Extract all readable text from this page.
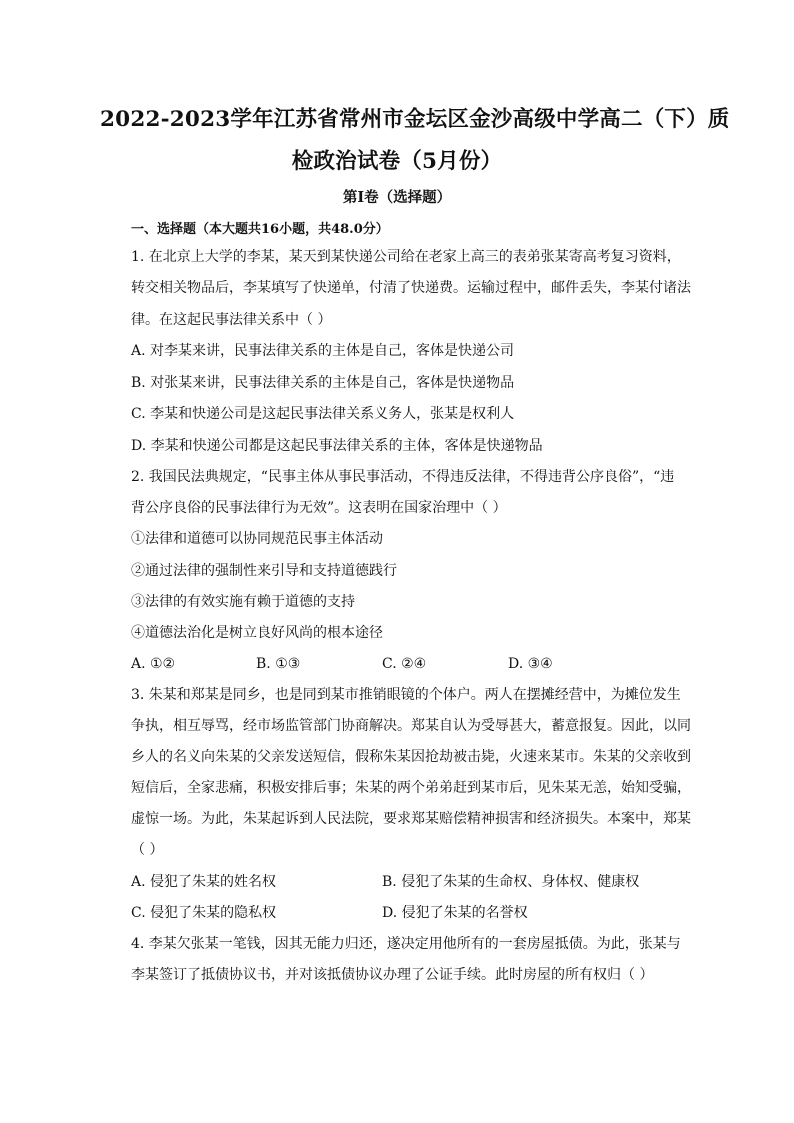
2022-2023学年江苏省常州市金坛区金沙高级中学高二（下）质
检政治试卷（5月份）
第I卷（选择题）
一、选择题（本大题共16小题，共48.0分）
1. 在北京上大学的李某，某天到某快递公司给在老家上高三的表弟张某寄高考复习资料，
转交相关物品后，李某填写了快递单，付清了快递费。运输过程中，邮件丢失，李某付诸法
律。在这起民事法律关系中（ ）
A. 对李某来讲，民事法律关系的主体是自己，客体是快递公司
B. 对张某来讲，民事法律关系的主体是自己，客体是快递物品
C. 李某和快递公司是这起民事法律关系义务人，张某是权利人
D. 李某和快递公司都是这起民事法律关系的主体，客体是快递物品
2. 我国民法典规定，“民事主体从事民事活动，不得违反法律，不得违背公序良俗”，“违
背公序良俗的民事法律行为无效”。这表明在国家治理中（ ）
①法律和道德可以协同规范民事主体活动
②通过法律的强制性来引导和支持道德践行
③法律的有效实施有赖于道德的支持
④道德法治化是树立良好风尚的根本途径
A. ①②	B. ①③	C. ②④	D. ③④
3. 朱某和郑某是同乡，也是同到某市推销眼镜的个体户。两人在摆摊经营中，为摊位发生
争执，相互辱骂，经市场监管部门协商解决。郑某自认为受辱甚大，蓄意报复。因此，以同
乡人的名义向朱某的父亲发送短信，假称朱某因抢劫被击毙，火速来某市。朱某的父亲收到
短信后，全家悲痛，积极安排后事；朱某的两个弟弟赶到某市后，见朱某无恙，始知受骗，
虚惊一场。为此，朱某起诉到人民法院，要求郑某赔偿精神损害和经济损失。本案中，郑某
（ ）
A. 侵犯了朱某的姓名权	B. 侵犯了朱某的生命权、身体权、健康权
C. 侵犯了朱某的隐私权	D. 侵犯了朱某的名誉权
4. 李某欠张某一笔钱，因其无能力归还，遂决定用他所有的一套房屋抵债。为此，张某与
李某签订了抵债协议书，并对该抵债协议办理了公证手续。此时房屋的所有权归（ ）
